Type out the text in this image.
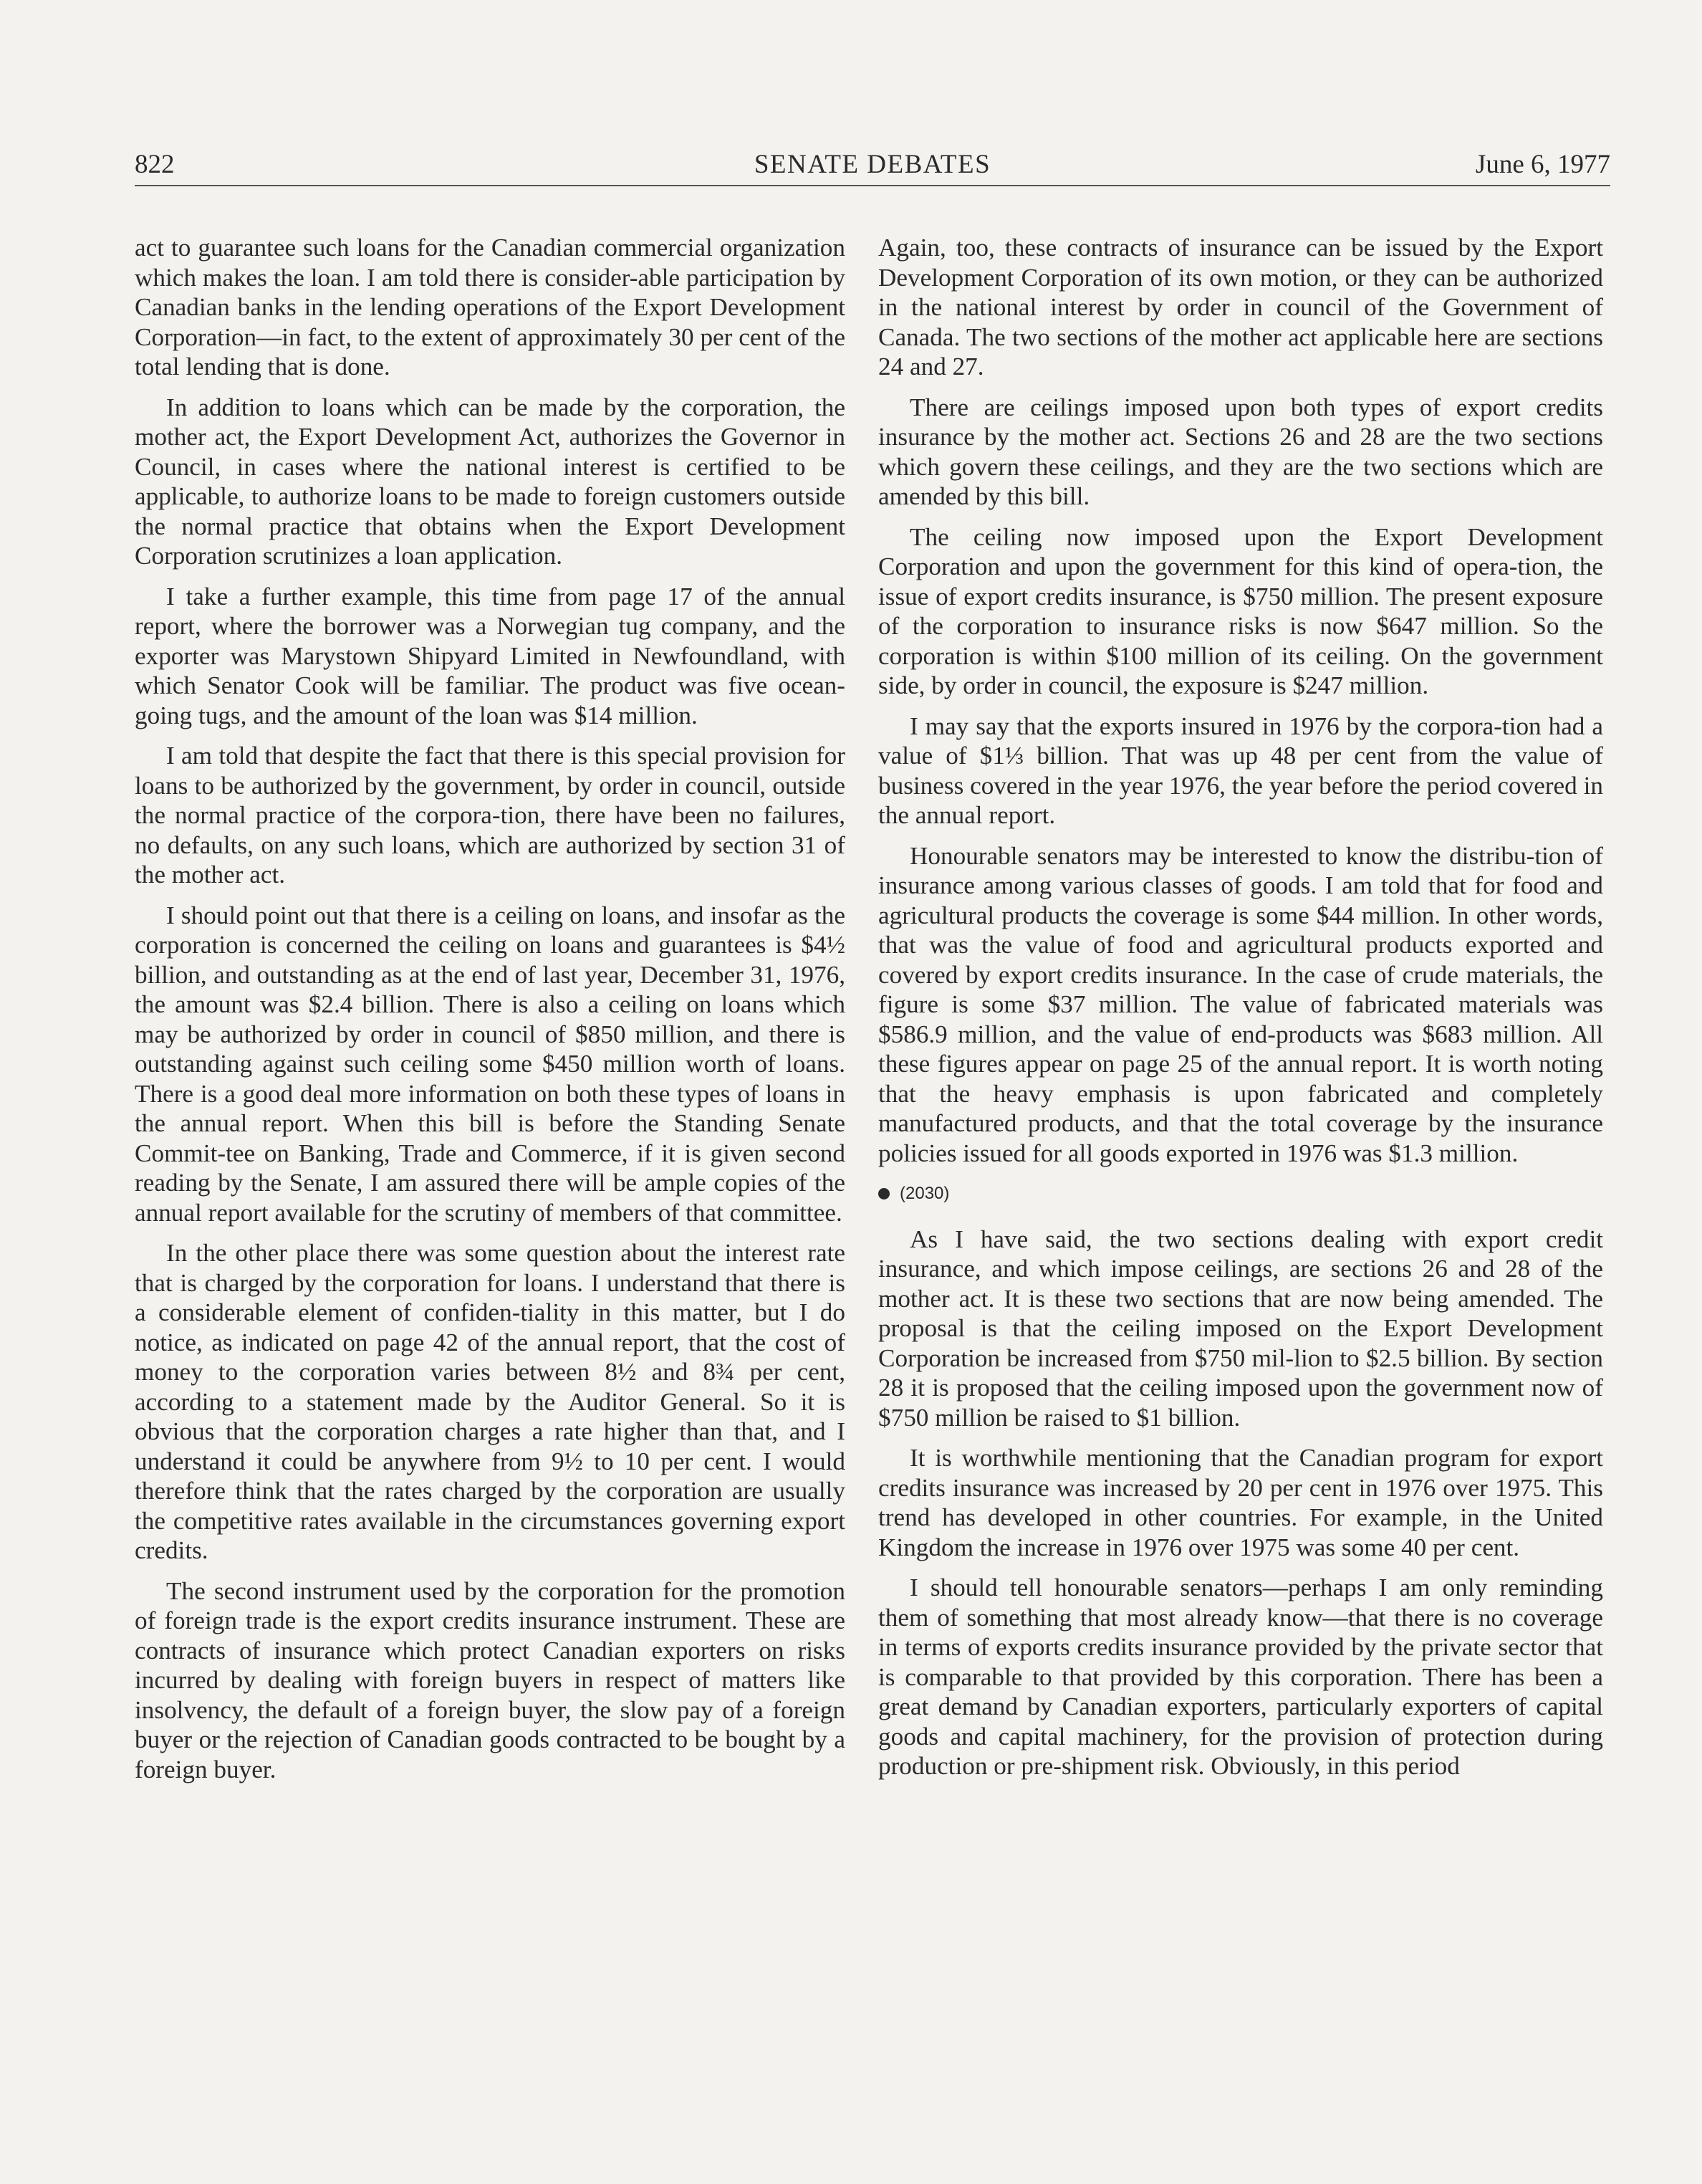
822	SENATE DEBATES	June 6, 1977

act to guarantee such loans for the Canadian commercial organization which makes the loan. I am told there is consider-able participation by Canadian banks in the lending operations of the Export Development Corporation—in fact, to the extent of approximately 30 per cent of the total lending that is done.

In addition to loans which can be made by the corporation, the mother act, the Export Development Act, authorizes the Governor in Council, in cases where the national interest is certified to be applicable, to authorize loans to be made to foreign customers outside the normal practice that obtains when the Export Development Corporation scrutinizes a loan application.

I take a further example, this time from page 17 of the annual report, where the borrower was a Norwegian tug company, and the exporter was Marystown Shipyard Limited in Newfoundland, with which Senator Cook will be familiar. The product was five ocean-going tugs, and the amount of the loan was $14 million.

I am told that despite the fact that there is this special provision for loans to be authorized by the government, by order in council, outside the normal practice of the corpora-tion, there have been no failures, no defaults, on any such loans, which are authorized by section 31 of the mother act.

I should point out that there is a ceiling on loans, and insofar as the corporation is concerned the ceiling on loans and guarantees is $4½ billion, and outstanding as at the end of last year, December 31, 1976, the amount was $2.4 billion. There is also a ceiling on loans which may be authorized by order in council of $850 million, and there is outstanding against such ceiling some $450 million worth of loans. There is a good deal more information on both these types of loans in the annual report. When this bill is before the Standing Senate Commit-tee on Banking, Trade and Commerce, if it is given second reading by the Senate, I am assured there will be ample copies of the annual report available for the scrutiny of members of that committee.

In the other place there was some question about the interest rate that is charged by the corporation for loans. I understand that there is a considerable element of confiden-tiality in this matter, but I do notice, as indicated on page 42 of the annual report, that the cost of money to the corporation varies between 8½ and 8¾ per cent, according to a statement made by the Auditor General. So it is obvious that the corporation charges a rate higher than that, and I understand it could be anywhere from 9½ to 10 per cent. I would therefore think that the rates charged by the corporation are usually the competitive rates available in the circumstances governing export credits.

The second instrument used by the corporation for the promotion of foreign trade is the export credits insurance instrument. These are contracts of insurance which protect Canadian exporters on risks incurred by dealing with foreign buyers in respect of matters like insolvency, the default of a foreign buyer, the slow pay of a foreign buyer or the rejection of Canadian goods contracted to be bought by a foreign buyer.

Again, too, these contracts of insurance can be issued by the Export Development Corporation of its own motion, or they can be authorized in the national interest by order in council of the Government of Canada. The two sections of the mother act applicable here are sections 24 and 27.

There are ceilings imposed upon both types of export credits insurance by the mother act. Sections 26 and 28 are the two sections which govern these ceilings, and they are the two sections which are amended by this bill.

The ceiling now imposed upon the Export Development Corporation and upon the government for this kind of opera-tion, the issue of export credits insurance, is $750 million. The present exposure of the corporation to insurance risks is now $647 million. So the corporation is within $100 million of its ceiling. On the government side, by order in council, the exposure is $247 million.

I may say that the exports insured in 1976 by the corpora-tion had a value of $1⅓ billion. That was up 48 per cent from the value of business covered in the year 1976, the year before the period covered in the annual report.

Honourable senators may be interested to know the distribu-tion of insurance among various classes of goods. I am told that for food and agricultural products the coverage is some $44 million. In other words, that was the value of food and agricultural products exported and covered by export credits insurance. In the case of crude materials, the figure is some $37 million. The value of fabricated materials was $586.9 million, and the value of end-products was $683 million. All these figures appear on page 25 of the annual report. It is worth noting that the heavy emphasis is upon fabricated and completely manufactured products, and that the total coverage by the insurance policies issued for all goods exported in 1976 was $1.3 million.

(2030)

As I have said, the two sections dealing with export credit insurance, and which impose ceilings, are sections 26 and 28 of the mother act. It is these two sections that are now being amended. The proposal is that the ceiling imposed on the Export Development Corporation be increased from $750 mil-lion to $2.5 billion. By section 28 it is proposed that the ceiling imposed upon the government now of $750 million be raised to $1 billion.

It is worthwhile mentioning that the Canadian program for export credits insurance was increased by 20 per cent in 1976 over 1975. This trend has developed in other countries. For example, in the United Kingdom the increase in 1976 over 1975 was some 40 per cent.

I should tell honourable senators—perhaps I am only reminding them of something that most already know—that there is no coverage in terms of exports credits insurance provided by the private sector that is comparable to that provided by this corporation. There has been a great demand by Canadian exporters, particularly exporters of capital goods and capital machinery, for the provision of protection during production or pre-shipment risk. Obviously, in this period
